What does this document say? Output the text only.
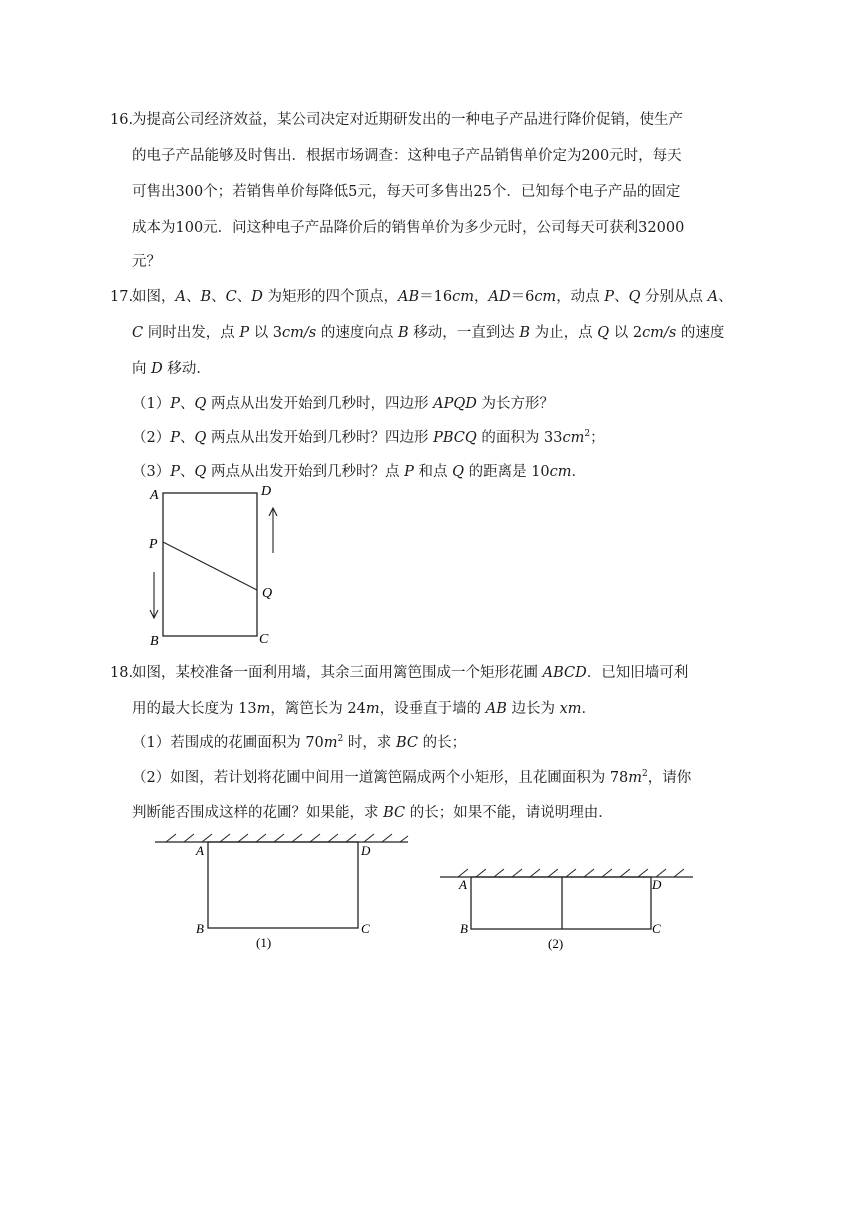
16.
为提高公司经济效益，某公司决定对近期研发出的一种电子产品进行降价促销，使生产
的电子产品能够及时售出．根据市场调查：这种电子产品销售单价定为200元时，每天
可售出300个；若销售单价每降低5元，每天可多售出25个．已知每个电子产品的固定
成本为100元．问这种电子产品降价后的销售单价为多少元时，公司每天可获利32000
元？
17.
如图，A、B、C、D 为矩形的四个顶点，AB＝16cm，AD＝6cm，动点 P、Q 分别从点 A、
C 同时出发，点 P 以 3cm/s 的速度向点 B 移动，一直到达 B 为止，点 Q 以 2cm/s 的速度
向 D 移动．
（1）P、Q 两点从出发开始到几秒时，四边形 APQD 为长方形？
（2）P、Q 两点从出发开始到几秒时？四边形 PBCQ 的面积为 $33cm^2$；
（3）P、Q 两点从出发开始到几秒时？点 P 和点 Q 的距离是 10cm．
A	D
P
Q
B	C
18.
如图，某校准备一面利用墙，其余三面用篱笆围成一个矩形花圃 ABCD．已知旧墙可利
用的最大长度为 13m，篱笆长为 24m，设垂直于墙的 AB 边长为 xm．
（1）若围成的花圃面积为 $70m^2$ 时，求 BC 的长；
（2）如图，若计划将花圃中间用一道篱笆隔成两个小矩形，且花圃面积为 $78m^2$，请你
判断能否围成这样的花圃？如果能，求 BC 的长；如果不能，请说明理由．
A	D
B	C
(1)
A	D
B	C
(2)
